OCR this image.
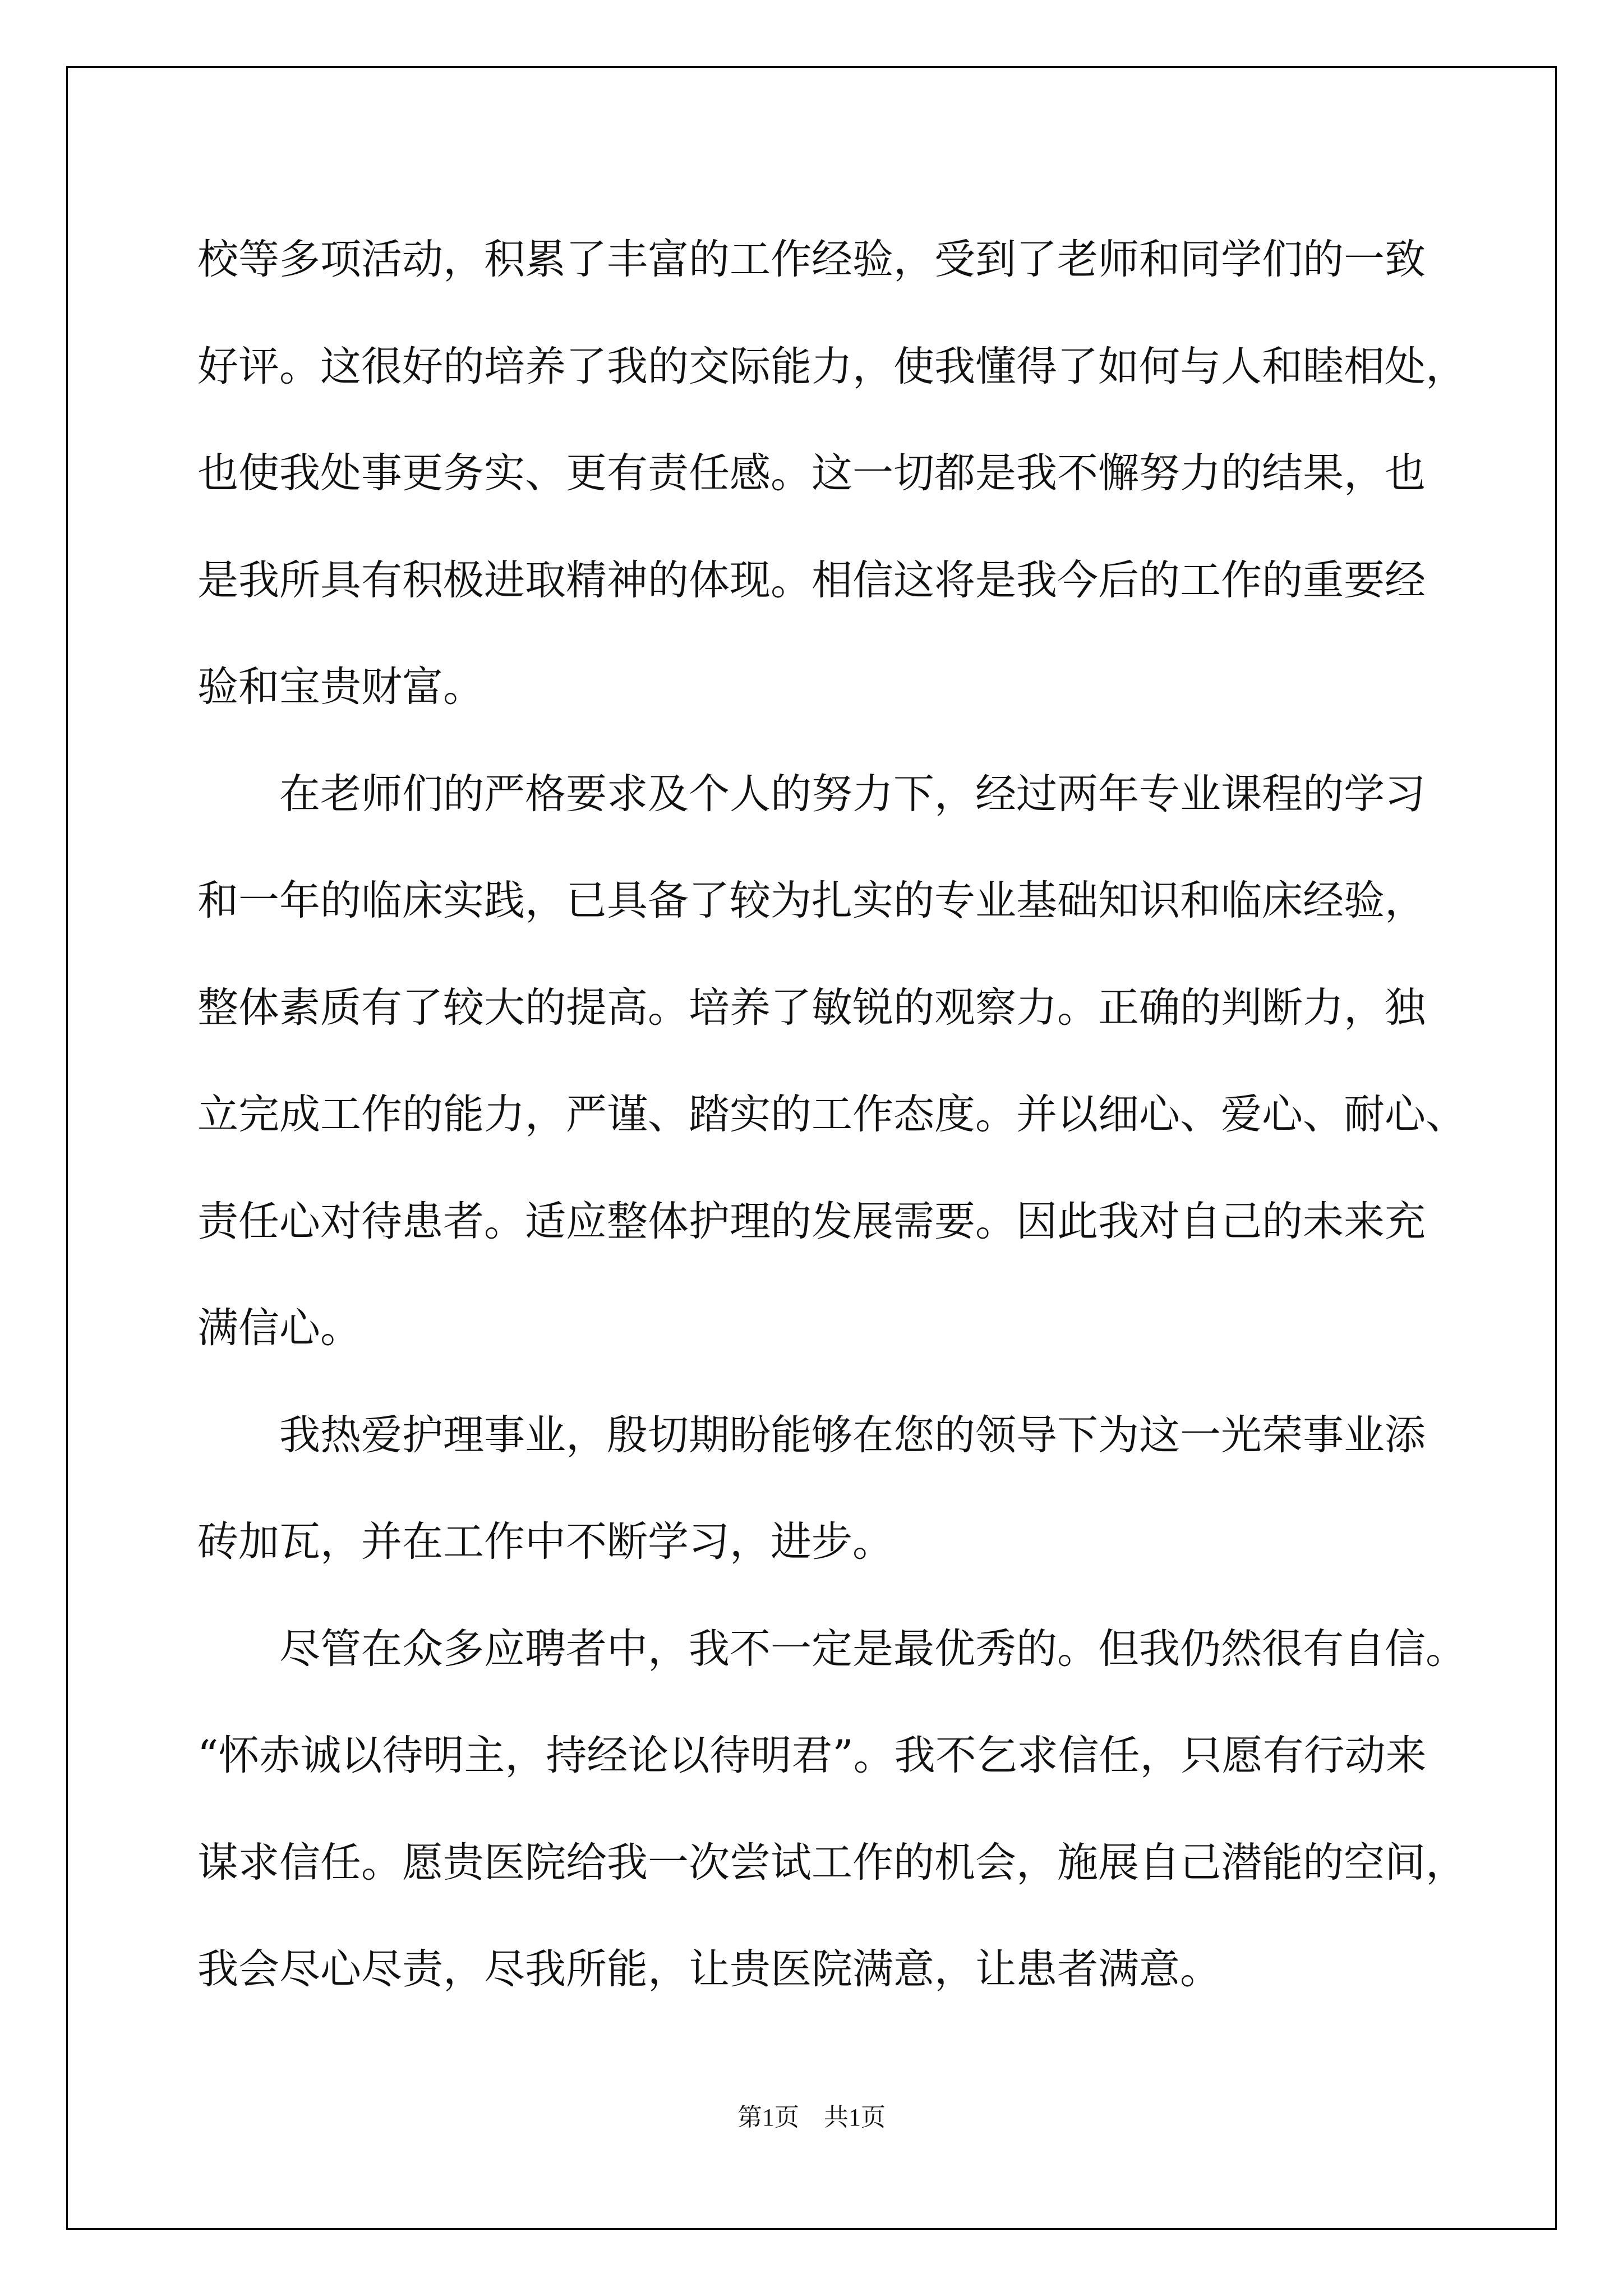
校等多项活动，积累了丰富的工作经验，受到了老师和同学们的一致
好评。这很好的培养了我的交际能力，使我懂得了如何与人和睦相处，
也使我处事更务实、更有责任感。这一切都是我不懈努力的结果，也
是我所具有积极进取精神的体现。相信这将是我今后的工作的重要经
验和宝贵财富。
在老师们的严格要求及个人的努力下，经过两年专业课程的学习
和一年的临床实践，已具备了较为扎实的专业基础知识和临床经验，
整体素质有了较大的提高。培养了敏锐的观察力。正确的判断力，独
立完成工作的能力，严谨、踏实的工作态度。并以细心、爱心、耐心、
责任心对待患者。适应整体护理的发展需要。因此我对自己的未来充
满信心。
我热爱护理事业，殷切期盼能够在您的领导下为这一光荣事业添
砖加瓦，并在工作中不断学习，进步。
尽管在众多应聘者中，我不一定是最优秀的。但我仍然很有自信。
“怀赤诚以待明主，持经论以待明君”。我不乞求信任，只愿有行动来
谋求信任。愿贵医院给我一次尝试工作的机会，施展自己潜能的空间，
我会尽心尽责，尽我所能，让贵医院满意，让患者满意。
第1页　共1页
